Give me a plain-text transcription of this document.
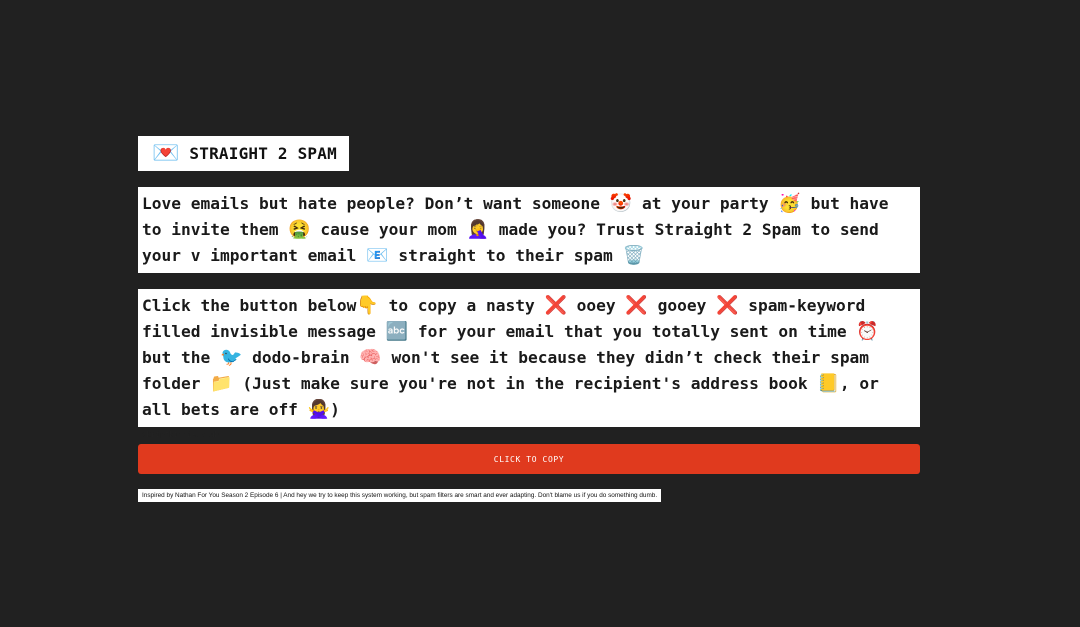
💌 STRAIGHT 2 SPAM
Love emails but hate people? Don’t want someone 🤡 at your party 🥳 but have to invite them 🤮 cause your mom 🤦‍♀️ made you? Trust Straight 2 Spam to send your v important email 📧 straight to their spam 🗑️
Click the button below👇 to copy a nasty ❌ ooey ❌ gooey ❌ spam-keyword filled invisible message 🔤 for your email that you totally sent on time ⏰ but the 🐦 dodo-brain 🧠 won't see it because they didn’t check their spam folder 📁 (Just make sure you're not in the recipient's address book 📒, or all bets are off 🙅‍♀️)
skriptkiddie.club
CLICK TO COPY
Inspired by Nathan For You Season 2 Episode 6 | And hey we try to keep this system working, but spam filters are smart and ever adapting. Don't blame us if you do something dumb.
